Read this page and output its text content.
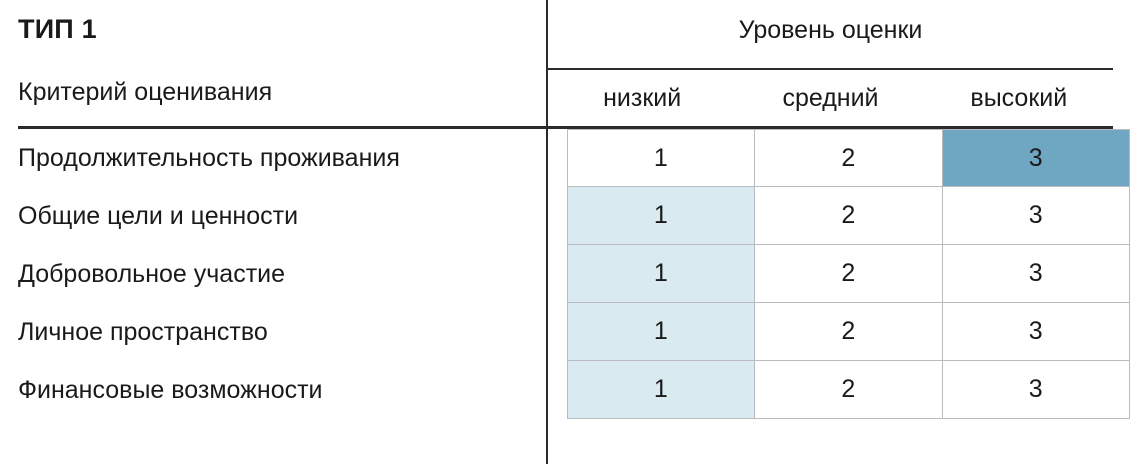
ТИП 1
Критерий оценивания
Уровень оценки
низкий	средний	высокий
Продолжительность проживания	1	2	3
Общие цели и ценности	1	2	3
Добровольное участие	1	2	3
Личное пространство	1	2	3
Финансовые возможности	1	2	3
